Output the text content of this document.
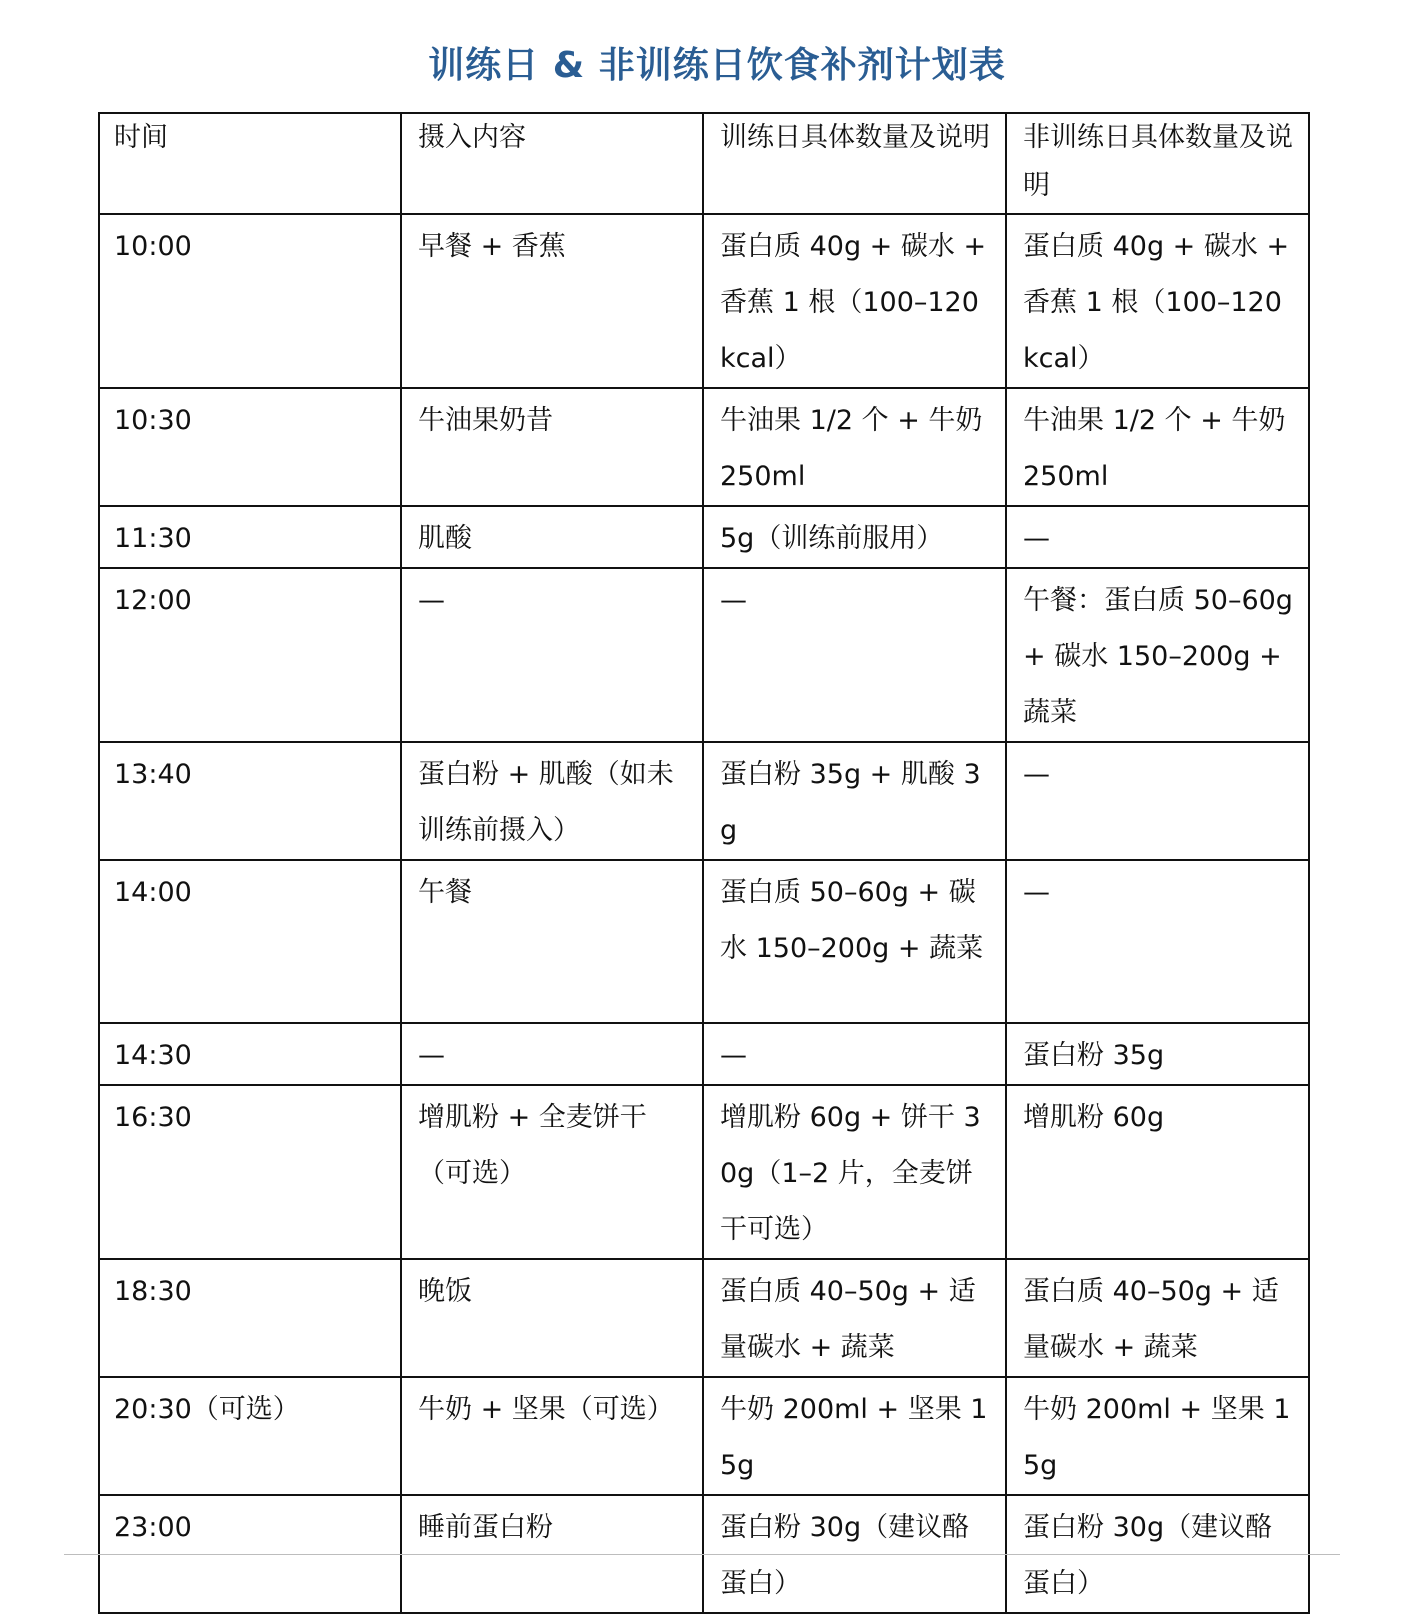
训练日 & 非训练日饮食补剂计划表
时间	摄入内容	训练日具体数量及说明	非训练日具体数量及说明
10:00	早餐 + 香蕉	蛋白质 40g + 碳水 + 香蕉 1 根（100–120 kcal）	蛋白质 40g + 碳水 + 香蕉 1 根（100–120 kcal）
10:30	牛油果奶昔	牛油果 1/2 个 + 牛奶 250ml	牛油果 1/2 个 + 牛奶 250ml
11:30	肌酸	5g（训练前服用）	—
12:00	—	—	午餐：蛋白质 50–60g + 碳水 150–200g + 蔬菜
13:40	蛋白粉 + 肌酸（如未训练前摄入）	蛋白粉 35g + 肌酸 3g	—
14:00	午餐	蛋白质 50–60g + 碳水 150–200g + 蔬菜	—
14:30	—	—	蛋白粉 35g
16:30	增肌粉 + 全麦饼干（可选）	增肌粉 60g + 饼干 30g（1–2 片，全麦饼干可选）	增肌粉 60g
18:30	晚饭	蛋白质 40–50g + 适量碳水 + 蔬菜	蛋白质 40–50g + 适量碳水 + 蔬菜
20:30（可选）	牛奶 + 坚果（可选）	牛奶 200ml + 坚果 15g	牛奶 200ml + 坚果 15g
23:00	睡前蛋白粉	蛋白粉 30g（建议酪蛋白）	蛋白粉 30g（建议酪蛋白）
